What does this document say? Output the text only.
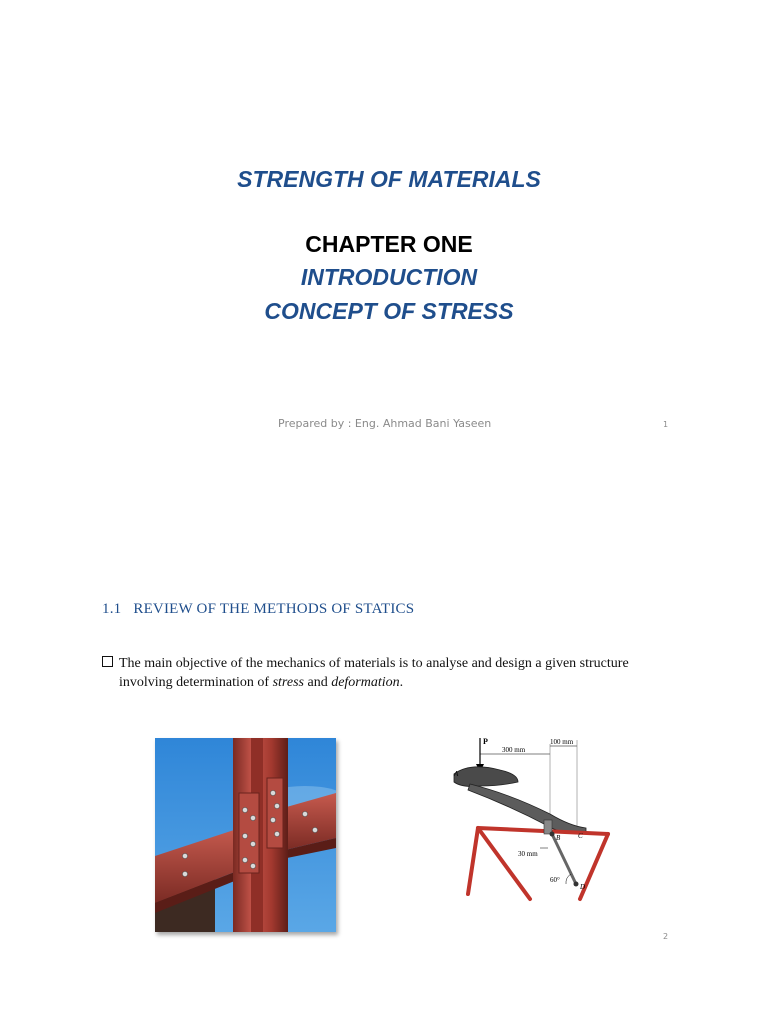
STRENGTH OF MATERIALS
CHAPTER ONE
INTRODUCTION
CONCEPT OF STRESS
Prepared by : Eng. Ahmad Bani Yaseen	1
1.1 REVIEW OF THE METHODS OF STATICS
The main objective of the mechanics of materials is to analyse and design a given structure
involving determination of stress and deformation.
P
300 mm
100 mm
A
B	C
30 mm
D
60°
2
